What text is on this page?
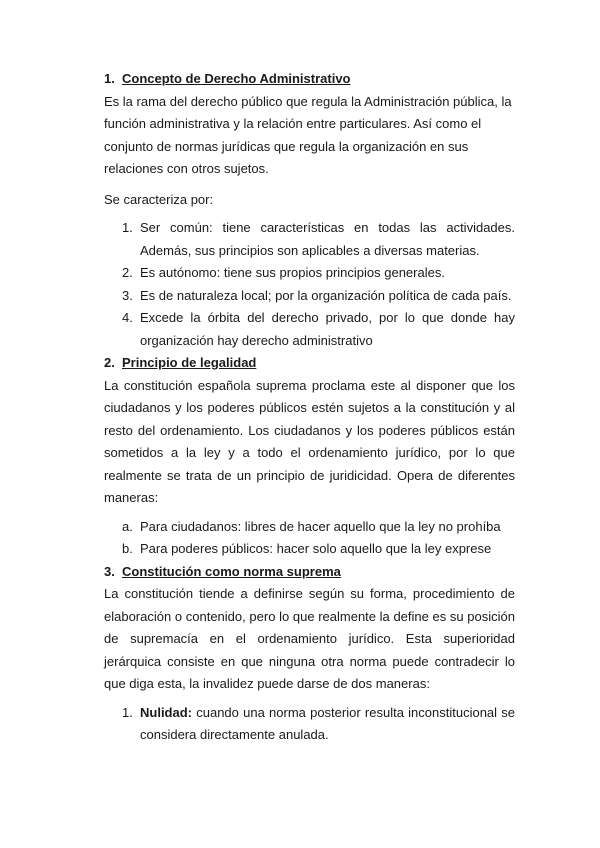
1. Concepto de Derecho Administrativo

Es la rama del derecho público que regula la Administración pública, la función administrativa y la relación entre particulares. Así como el conjunto de normas jurídicas que regula la organización en sus relaciones con otros sujetos.

Se caracteriza por:

1. Ser común: tiene características en todas las actividades. Además, sus principios son aplicables a diversas materias.
2. Es autónomo: tiene sus propios principios generales.
3. Es de naturaleza local; por la organización política de cada país.
4. Excede la órbita del derecho privado, por lo que donde hay organización hay derecho administrativo
2. Principio de legalidad

La constitución española suprema proclama este al disponer que los ciudadanos y los poderes públicos estén sujetos a la constitución y al resto del ordenamiento. Los ciudadanos y los poderes públicos están sometidos a la ley y a todo el ordenamiento jurídico, por lo que realmente se trata de un principio de juridicidad. Opera de diferentes maneras:

a. Para ciudadanos: libres de hacer aquello que la ley no prohíba
b. Para poderes públicos: hacer solo aquello que la ley exprese
3. Constitución como norma suprema

La constitución tiende a definirse según su forma, procedimiento de elaboración o contenido, pero lo que realmente la define es su posición de supremacía en el ordenamiento jurídico. Esta superioridad jerárquica consiste en que ninguna otra norma puede contradecir lo que diga esta, la invalidez puede darse de dos maneras:

1. Nulidad: cuando una norma posterior resulta inconstitucional se considera directamente anulada.
